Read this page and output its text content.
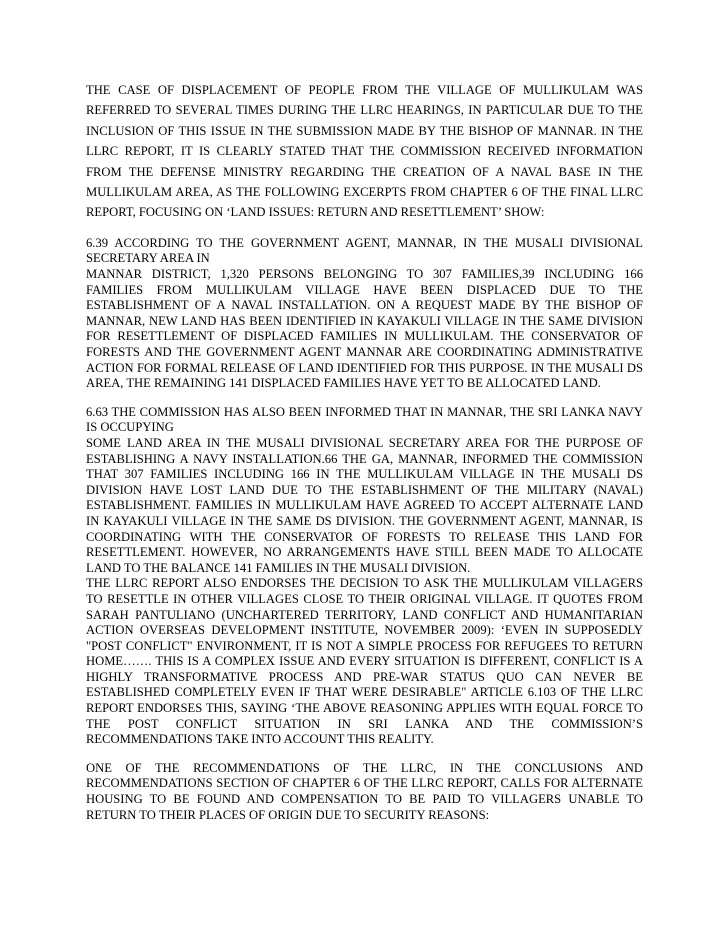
THE CASE OF DISPLACEMENT OF PEOPLE FROM THE VILLAGE OF MULLIKULAM WAS REFERRED TO SEVERAL TIMES DURING THE LLRC HEARINGS, IN PARTICULAR DUE TO THE INCLUSION OF THIS ISSUE IN THE SUBMISSION MADE BY THE BISHOP OF MANNAR. IN THE LLRC REPORT, IT IS CLEARLY STATED THAT THE COMMISSION RECEIVED INFORMATION FROM THE DEFENSE MINISTRY REGARDING THE CREATION OF A NAVAL BASE IN THE MULLIKULAM AREA, AS THE FOLLOWING EXCERPTS FROM CHAPTER 6 OF THE FINAL LLRC REPORT, FOCUSING ON ‘LAND ISSUES: RETURN AND RESETTLEMENT’ SHOW:

6.39 ACCORDING TO THE GOVERNMENT AGENT, MANNAR, IN THE MUSALI DIVISIONAL SECRETARY AREA IN
MANNAR DISTRICT, 1,320 PERSONS BELONGING TO 307 FAMILIES,39 INCLUDING 166 FAMILIES FROM MULLIKULAM VILLAGE HAVE BEEN DISPLACED DUE TO THE ESTABLISHMENT OF A NAVAL INSTALLATION. ON A REQUEST MADE BY THE BISHOP OF MANNAR, NEW LAND HAS BEEN IDENTIFIED IN KAYAKULI VILLAGE IN THE SAME DIVISION FOR RESETTLEMENT OF DISPLACED FAMILIES IN MULLIKULAM. THE CONSERVATOR OF FORESTS AND THE GOVERNMENT AGENT MANNAR ARE COORDINATING ADMINISTRATIVE ACTION FOR FORMAL RELEASE OF LAND IDENTIFIED FOR THIS PURPOSE. IN THE MUSALI DS AREA, THE REMAINING 141 DISPLACED FAMILIES HAVE YET TO BE ALLOCATED LAND.

6.63 THE COMMISSION HAS ALSO BEEN INFORMED THAT IN MANNAR, THE SRI LANKA NAVY IS OCCUPYING
SOME LAND AREA IN THE MUSALI DIVISIONAL SECRETARY AREA FOR THE PURPOSE OF ESTABLISHING A NAVY INSTALLATION.66 THE GA, MANNAR, INFORMED THE COMMISSION THAT 307 FAMILIES INCLUDING 166 IN THE MULLIKULAM VILLAGE IN THE MUSALI DS DIVISION HAVE LOST LAND DUE TO THE ESTABLISHMENT OF THE MILITARY (NAVAL) ESTABLISHMENT. FAMILIES IN MULLIKULAM HAVE AGREED TO ACCEPT ALTERNATE LAND IN KAYAKULI VILLAGE IN THE SAME DS DIVISION. THE GOVERNMENT AGENT, MANNAR, IS COORDINATING WITH THE CONSERVATOR OF FORESTS TO RELEASE THIS LAND FOR RESETTLEMENT. HOWEVER, NO ARRANGEMENTS HAVE STILL BEEN MADE TO ALLOCATE LAND TO THE BALANCE 141 FAMILIES IN THE MUSALI DIVISION.

THE LLRC REPORT ALSO ENDORSES THE DECISION TO ASK THE MULLIKULAM VILLAGERS TO RESETTLE IN OTHER VILLAGES CLOSE TO THEIR ORIGINAL VILLAGE. IT QUOTES FROM SARAH PANTULIANO (UNCHARTERED TERRITORY, LAND CONFLICT AND HUMANITARIAN ACTION OVERSEAS DEVELOPMENT INSTITUTE, NOVEMBER 2009): ‘EVEN IN SUPPOSEDLY "POST CONFLICT" ENVIRONMENT, IT IS NOT A SIMPLE PROCESS FOR REFUGEES TO RETURN HOME……. THIS IS A COMPLEX ISSUE AND EVERY SITUATION IS DIFFERENT, CONFLICT IS A HIGHLY TRANSFORMATIVE PROCESS AND PRE-WAR STATUS QUO CAN NEVER BE ESTABLISHED COMPLETELY EVEN IF THAT WERE DESIRABLE" ARTICLE 6.103 OF THE LLRC REPORT ENDORSES THIS, SAYING ‘THE ABOVE REASONING APPLIES WITH EQUAL FORCE TO THE POST CONFLICT SITUATION IN SRI LANKA AND THE COMMISSION’S RECOMMENDATIONS TAKE INTO ACCOUNT THIS REALITY.

ONE OF THE RECOMMENDATIONS OF THE LLRC, IN THE CONCLUSIONS AND RECOMMENDATIONS SECTION OF CHAPTER 6 OF THE LLRC REPORT, CALLS FOR ALTERNATE HOUSING TO BE FOUND AND COMPENSATION TO BE PAID TO VILLAGERS UNABLE TO RETURN TO THEIR PLACES OF ORIGIN DUE TO SECURITY REASONS:
